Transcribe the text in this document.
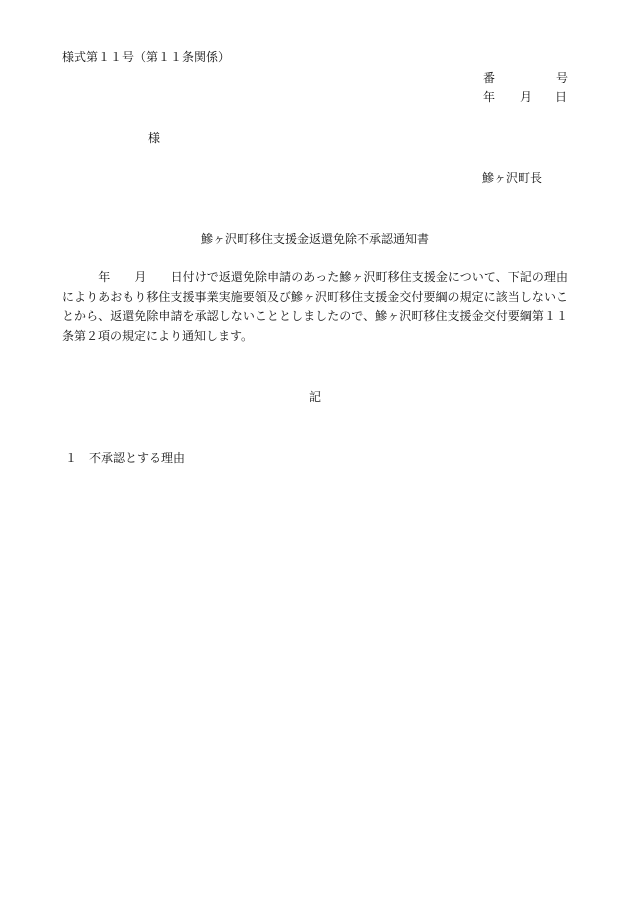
様式第１１号（第１１条関係）
番	号
年 月 日
様
鰺ヶ沢町長
鰺ヶ沢町移住支援金返還免除不承認通知書
　　　年　　月　　日付けで返還免除申請のあった鰺ヶ沢町移住支援金について、下記の理由によりあおもり移住支援事業実施要領及び鰺ヶ沢町移住支援金交付要綱の規定に該当しないことから、返還免除申請を承認しないこととしましたので、鰺ヶ沢町移住支援金交付要綱第１１条第２項の規定により通知します。
記
１ 不承認とする理由
